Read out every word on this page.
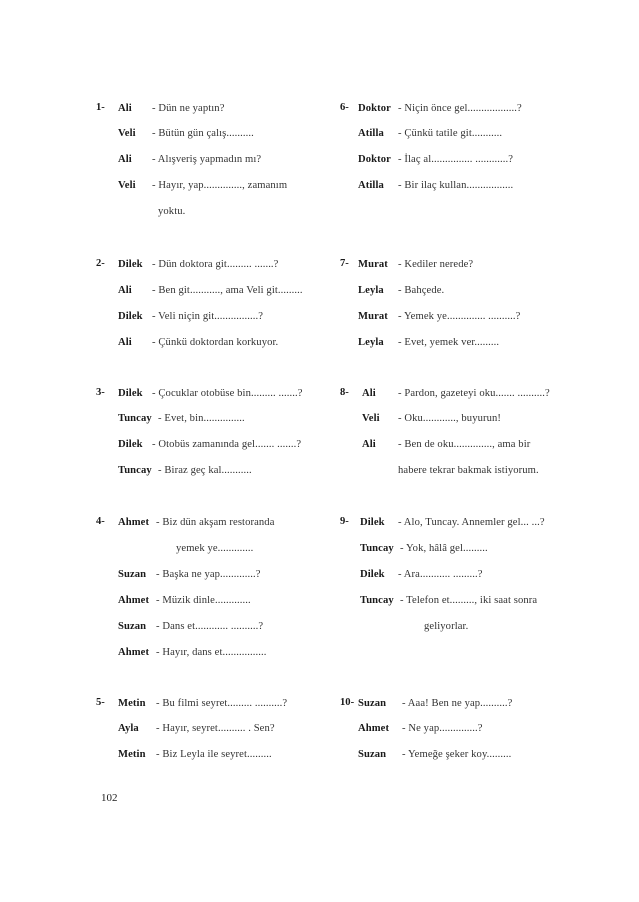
1- Ali - Dün ne yaptın?
Veli - Bütün gün çalış..........
Ali - Alışveriş yapmadın mı?
Veli - Hayır, yap.............., zamanım
yoktu.
2- Dilek - Dün doktora git......... .......?
Ali - Ben git..........., ama Veli git.........
Dilek - Veli niçin git................?
Ali - Çünkü doktordan korkuyor.
3- Dilek - Çocuklar otobüse bin......... .......?
Tuncay - Evet, bin...............
Dilek - Otobüs zamanında gel....... .......?
Tuncay - Biraz geç kal...........
4- Ahmet - Biz dün akşam restoranda
yemek ye.............
Suzan - Başka ne yap.............?
Ahmet - Müzik dinle.............
Suzan - Dans et............ ..........?
Ahmet - Hayır, dans et................
5- Metin - Bu filmi seyret......... ..........?
Ayla - Hayır, seyret.......... . Sen?
Metin - Biz Leyla ile seyret.........
6- Doktor - Niçin önce gel..................?
Atilla - Çünkü tatile git...........
Doktor - İlaç al............... ............?
Atilla - Bir ilaç kullan.................
7- Murat - Kediler nerede?
Leyla - Bahçede.
Murat - Yemek ye.............. ..........?
Leyla - Evet, yemek ver.........
8- Ali - Pardon, gazeteyi oku....... ..........?
Veli - Oku............, buyurun!
Ali - Ben de oku.............., ama bir
habere tekrar bakmak istiyorum.
9- Dilek - Alo, Tuncay. Annemler gel... ...?
Tuncay - Yok, hâlâ gel.........
Dilek - Ara........... .........?
Tuncay - Telefon et........., iki saat sonra
geliyorlar.
10- Suzan - Aaa! Ben ne yap..........?
Ahmet - Ne yap..............?
Suzan - Yemeğe şeker koy.........
102
